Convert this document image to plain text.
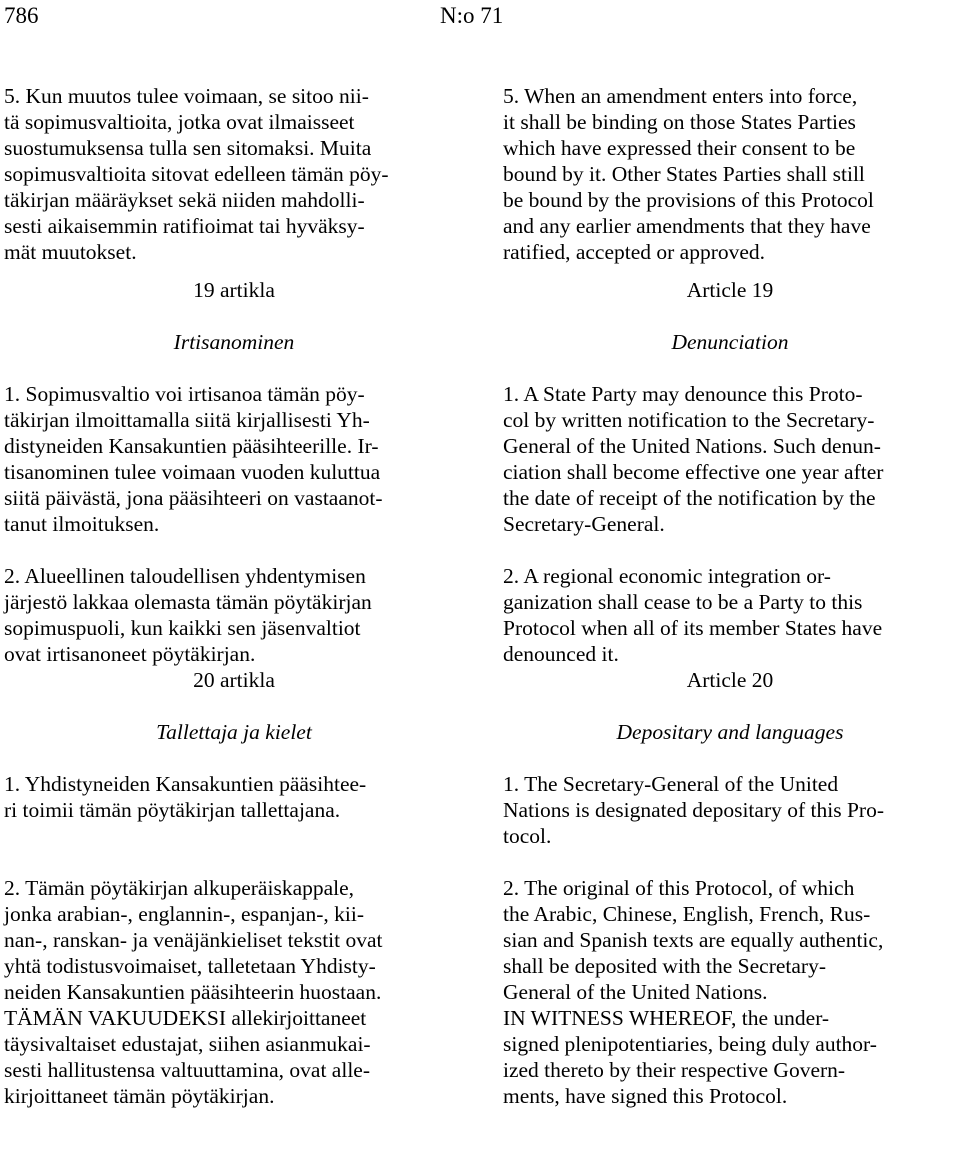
786	N:o 71

5. Kun muutos tulee voimaan, se sitoo nii-
tä sopimusvaltioita, jotka ovat ilmaisseet
suostumuksensa tulla sen sitomaksi. Muita
sopimusvaltioita sitovat edelleen tämän pöy-
täkirjan määräykset sekä niiden mahdolli-
sesti aikaisemmin ratifioimat tai hyväksy-
mät muutokset.

19 artikla

Irtisanominen

1. Sopimusvaltio voi irtisanoa tämän pöy-
täkirjan ilmoittamalla siitä kirjallisesti Yh-
distyneiden Kansakuntien pääsihteerille. Ir-
tisanominen tulee voimaan vuoden kuluttua
siitä päivästä, jona pääsihteeri on vastaanot-
tanut ilmoituksen.

2. Alueellinen taloudellisen yhdentymisen
järjestö lakkaa olemasta tämän pöytäkirjan
sopimuspuoli, kun kaikki sen jäsenvaltiot
ovat irtisanoneet pöytäkirjan.

20 artikla

Tallettaja ja kielet

1. Yhdistyneiden Kansakuntien pääsihtee-
ri toimii tämän pöytäkirjan tallettajana.

2. Tämän pöytäkirjan alkuperäiskappale,
jonka arabian-, englannin-, espanjan-, kii-
nan-, ranskan- ja venäjänkieliset tekstit ovat
yhtä todistusvoimaiset, talletetaan Yhdisty-
neiden Kansakuntien pääsihteerin huostaan.

TÄMÄN VAKUUDEKSI allekirjoittaneet
täysivaltaiset edustajat, siihen asianmukai-
sesti hallitustensa valtuuttamina, ovat alle-
kirjoittaneet tämän pöytäkirjan.

5. When an amendment enters into force,
it shall be binding on those States Parties
which have expressed their consent to be
bound by it. Other States Parties shall still
be bound by the provisions of this Protocol
and any earlier amendments that they have
ratified, accepted or approved.

Article 19

Denunciation

1. A State Party may denounce this Proto-
col by written notification to the Secretary-
General of the United Nations. Such denun-
ciation shall become effective one year after
the date of receipt of the notification by the
Secretary-General.

2. A regional economic integration or-
ganization shall cease to be a Party to this
Protocol when all of its member States have
denounced it.

Article 20

Depositary and languages

1. The Secretary-General of the United
Nations is designated depositary of this Pro-
tocol.

2. The original of this Protocol, of which
the Arabic, Chinese, English, French, Rus-
sian and Spanish texts are equally authentic,
shall be deposited with the Secretary-
General of the United Nations.

IN WITNESS WHEREOF, the under-
signed plenipotentiaries, being duly author-
ized thereto by their respective Govern-
ments, have signed this Protocol.
